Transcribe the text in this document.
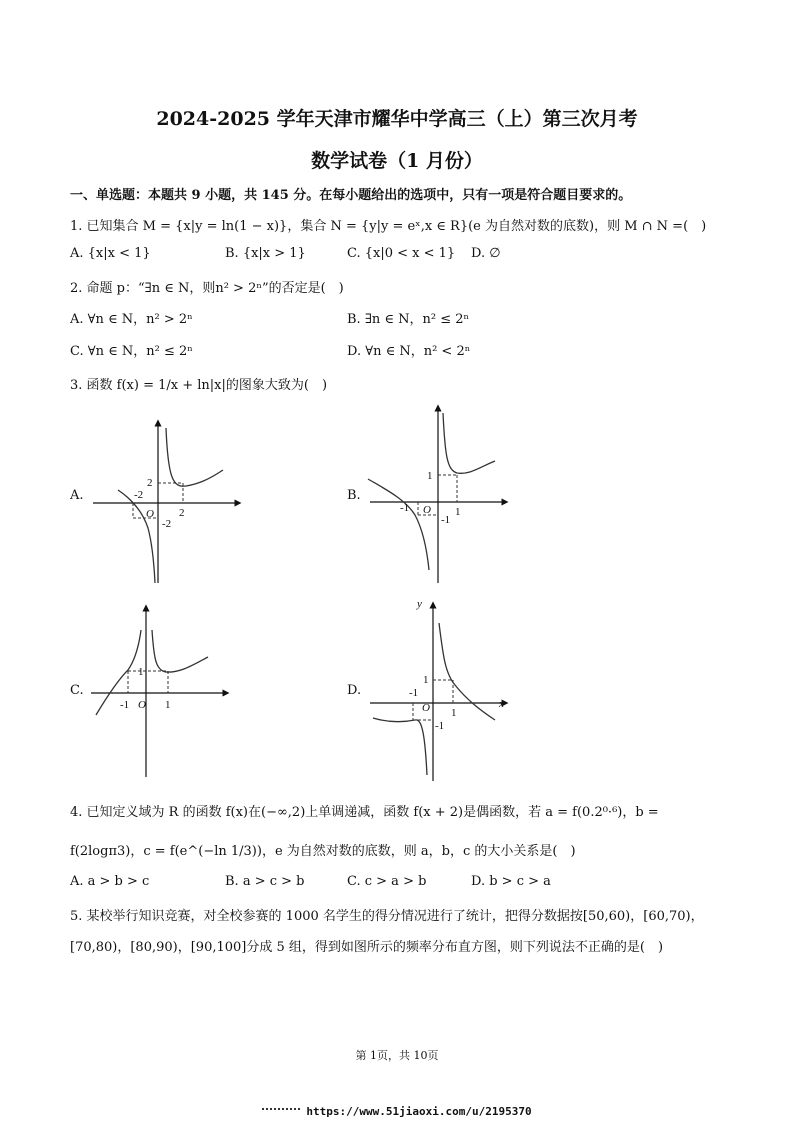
2024-2025 学年天津市耀华中学高三（上）第三次月考
数学试卷（1 月份）
一、单选题：本题共 9 小题，共 145 分。在每小题给出的选项中，只有一项是符合题目要求的。
1. 已知集合 M = {x|y = ln(1 − x)}，集合 N = {y|y = eˣ,x ∈ R}(e 为自然对数的底数)，则 M ∩ N =(　)
A. {x|x < 1}	B. {x|x > 1}	C. {x|0 < x < 1} D. ∅
2. 命题 p：“∃n ∈ N，则n² > 2ⁿ”的否定是(　)
A. ∀n ∈ N，n² > 2ⁿ	B. ∃n ∈ N，n² ≤ 2ⁿ
C. ∀n ∈ N，n² ≤ 2ⁿ	D. ∀n ∈ N，n² < 2ⁿ
3. 函数 f(x) = 1/x + ln|x|的图象大致为(　)
A.
2
-2
2
-2
O
B.
1
-1	1
-1
O
C.
1
-1	1
O
D.
y
x
1
-1
1
-1
O
4. 已知定义域为 R 的函数 f(x)在(−∞,2)上单调递减，函数 f(x + 2)是偶函数，若 a = f(0.2⁰·⁶)，b =
f(2logπ3)，c = f(e^(−ln 1/3))，e 为自然对数的底数，则 a，b，c 的大小关系是(　)
A. a > b > c	B. a > c > b	C. c > a > b	D. b > c > a
5. 某校举行知识竞赛，对全校参赛的 1000 名学生的得分情况进行了统计，把得分数据按[50,60)，[60,70)，
[70,80)，[80,90)，[90,100]分成 5 组，得到如图所示的频率分布直方图，则下列说法不正确的是(　)
第 1页，共 10页
https://www.51jiaoxi.com/u/2195370
